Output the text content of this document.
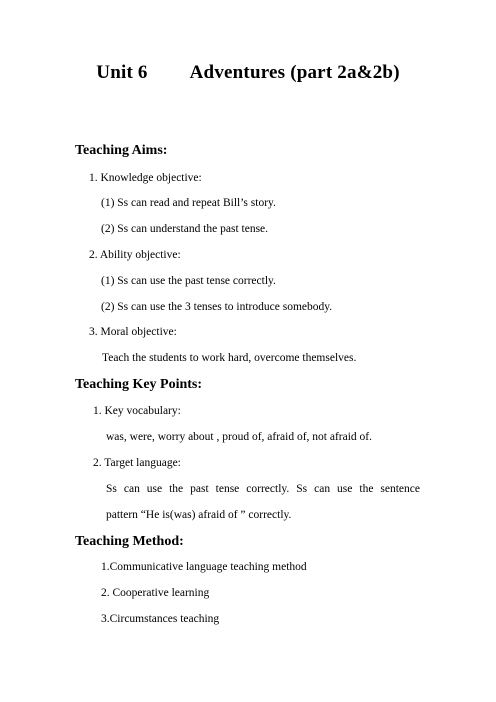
Unit 6 Adventures (part 2a&2b)
Teaching Aims:
1. Knowledge objective:
(1) Ss can read and repeat Bill’s story.
(2) Ss can understand the past tense.
2. Ability objective:
(1) Ss can use the past tense correctly.
(2) Ss can use the 3 tenses to introduce somebody.
3. Moral objective:
Teach the students to work hard, overcome themselves.
Teaching Key Points:
1. Key vocabulary:
was, were, worry about , proud of, afraid of, not afraid of.
2. Target language:
Ss can use the past tense correctly. Ss can use the sentence
pattern “He is(was) afraid of ” correctly.
Teaching Method:
1.Communicative language teaching method
2. Cooperative learning
3.Circumstances teaching
